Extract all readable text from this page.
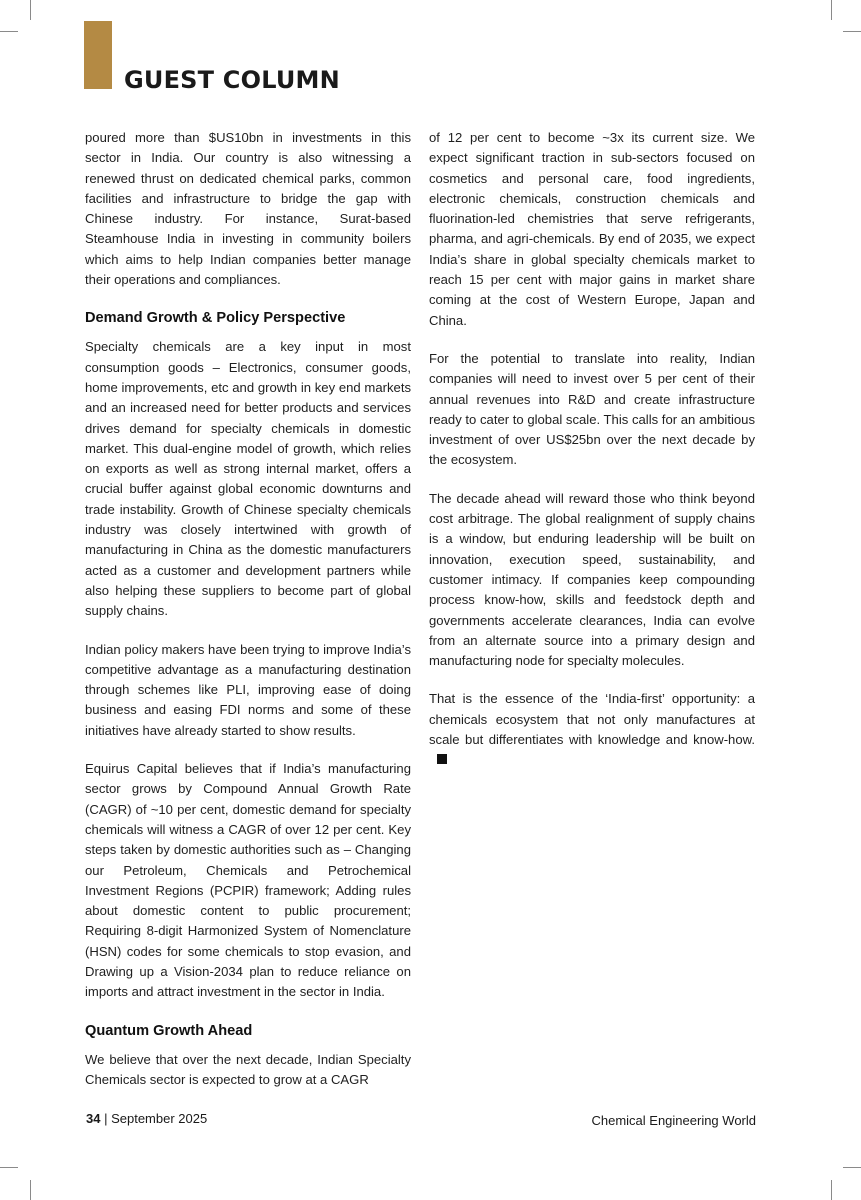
GUEST COLUMN

poured more than $US10bn in investments in this sector in India. Our country is also witnessing a renewed thrust on dedicated chemical parks, common facilities and infrastructure to bridge the gap with Chinese industry. For instance, Surat-based Steamhouse India in investing in community boilers which aims to help Indian companies better manage their operations and compliances.

Demand Growth & Policy Perspective

Specialty chemicals are a key input in most consumption goods – Electronics, consumer goods, home improvements, etc and growth in key end markets and an increased need for better products and services drives demand for specialty chemicals in domestic market. This dual-engine model of growth, which relies on exports as well as strong internal market, offers a crucial buffer against global economic downturns and trade instability. Growth of Chinese specialty chemicals industry was closely intertwined with growth of manufacturing in China as the domestic manufacturers acted as a customer and development partners while also helping these suppliers to become part of global supply chains.

Indian policy makers have been trying to improve India’s competitive advantage as a manufacturing destination through schemes like PLI, improving ease of doing business and easing FDI norms and some of these initiatives have already started to show results.

Equirus Capital believes that if India’s manufacturing sector grows by Compound Annual Growth Rate (CAGR) of ~10 per cent, domestic demand for specialty chemicals will witness a CAGR of over 12 per cent. Key steps taken by domestic authorities such as – Changing our Petroleum, Chemicals and Petrochemical Investment Regions (PCPIR) framework; Adding rules about domestic content to public procurement; Requiring 8-digit Harmonized System of Nomenclature (HSN) codes for some chemicals to stop evasion, and Drawing up a Vision-2034 plan to reduce reliance on imports and attract investment in the sector in India.

Quantum Growth Ahead

We believe that over the next decade, Indian Specialty Chemicals sector is expected to grow at a CAGR

of 12 per cent to become ~3x its current size. We expect significant traction in sub-sectors focused on cosmetics and personal care, food ingredients, electronic chemicals, construction chemicals and fluorination-led chemistries that serve refrigerants, pharma, and agri-chemicals. By end of 2035, we expect India’s share in global specialty chemicals market to reach 15 per cent with major gains in market share coming at the cost of Western Europe, Japan and China.

For the potential to translate into reality, Indian companies will need to invest over 5 per cent of their annual revenues into R&D and create infrastructure ready to cater to global scale. This calls for an ambitious investment of over US$25bn over the next decade by the ecosystem.

The decade ahead will reward those who think beyond cost arbitrage. The global realignment of supply chains is a window, but enduring leadership will be built on innovation, execution speed, sustainability, and customer intimacy. If companies keep compounding process know-how, skills and feedstock depth and governments accelerate clearances, India can evolve from an alternate source into a primary design and manufacturing node for specialty molecules.

That is the essence of the ‘India-first’ opportunity: a chemicals ecosystem that not only manufactures at scale but differentiates with knowledge and know-how.

34 | September 2025	Chemical Engineering World
